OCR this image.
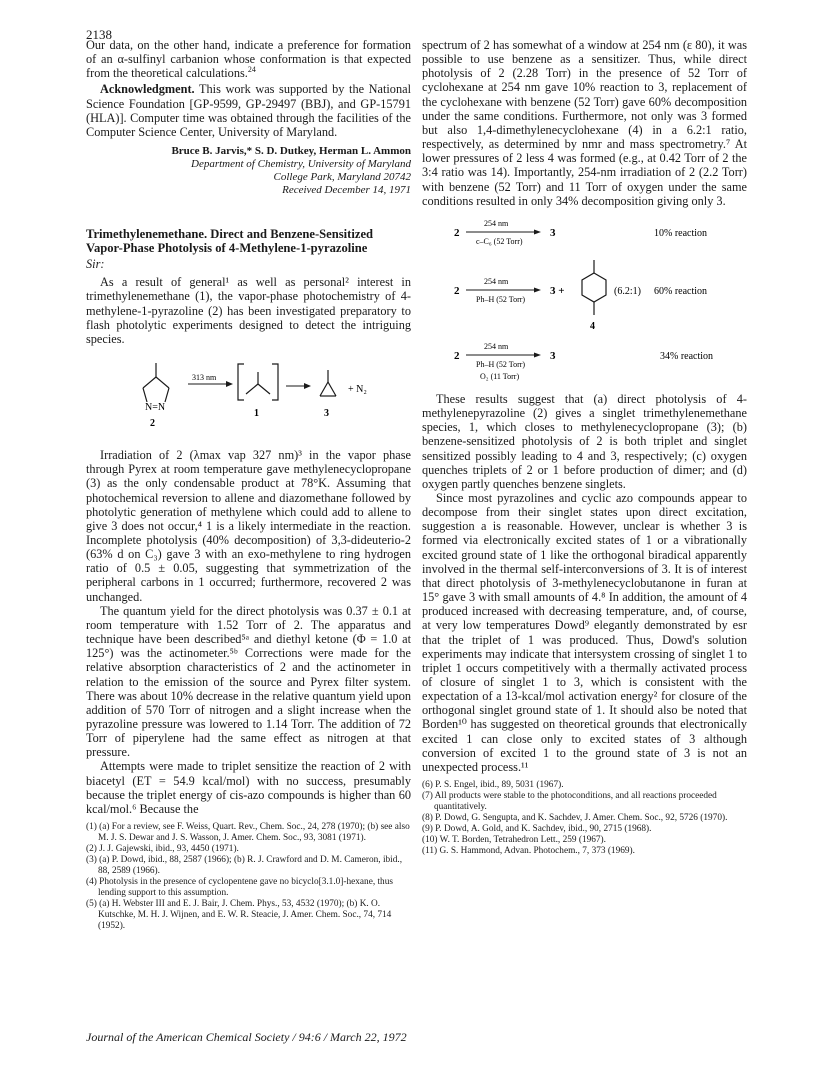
2138

Our data, on the other hand, indicate a preference for formation of an α-sulfinyl carbanion whose conformation is that expected from the theoretical calculations.$^{24}$

Acknowledgment. This work was supported by the National Science Foundation [GP-9599, GP-29497 (BBJ), and GP-15791 (HLA)]. Computer time was obtained through the facilities of the Computer Science Center, University of Maryland.

Bruce B. Jarvis,* S. D. Dutkey, Herman L. Ammon
Department of Chemistry, University of Maryland
College Park, Maryland 20742
Received December 14, 1971
Trimethylenemethane. Direct and Benzene-Sensitized
Vapor-Phase Photolysis of 4-Methylene-1-pyrazoline
Sir:

As a result of general¹ as well as personal² interest in trimethylenemethane (1), the vapor-phase photochemistry of 4-methylene-1-pyrazoline (2) has been investigated preparatory to flash photolytic experiments designed to detect the intriguing species.

N=N
2
313 nm
1	3
+ N₂

Irradiation of 2 (λmax vap 327 nm)³ in the vapor phase through Pyrex at room temperature gave methylenecyclopropane (3) as the only condensable product at 78°K. Assuming that photochemical reversion to allene and diazomethane followed by photolytic generation of methylene which could add to allene to give 3 does not occur,⁴ 1 is a likely intermediate in the reaction. Incomplete photolysis (40% decomposition) of 3,3-dideuterio-2 (63% d on C₃) gave 3 with an exo-methylene to ring hydrogen ratio of 0.5 ± 0.05, suggesting that symmetrization of the peripheral carbons in 1 occurred; furthermore, recovered 2 was unchanged.

The quantum yield for the direct photolysis was 0.37 ± 0.1 at room temperature with 1.52 Torr of 2. The apparatus and technique have been described⁵ᵃ and diethyl ketone (Φ = 1.0 at 125°) was the actinometer.⁵ᵇ Corrections were made for the relative absorption characteristics of 2 and the actinometer in relation to the emission of the source and Pyrex filter system. There was about 10% decrease in the relative quantum yield upon addition of 570 Torr of nitrogen and a slight increase when the pyrazoline pressure was lowered to 1.14 Torr. The addition of 72 Torr of piperylene had the same effect as nitrogen at that pressure.

Attempts were made to triplet sensitize the reaction of 2 with biacetyl (ET = 54.9 kcal/mol) with no success, presumably because the triplet energy of cis-azo compounds is higher than 60 kcal/mol.⁶ Because the

(1) (a) For a review, see F. Weiss, Quart. Rev., Chem. Soc., 24, 278 (1970); (b) see also M. J. S. Dewar and J. S. Wasson, J. Amer. Chem. Soc., 93, 3081 (1971).
(2) J. J. Gajewski, ibid., 93, 4450 (1971).
(3) (a) P. Dowd, ibid., 88, 2587 (1966); (b) R. J. Crawford and D. M. Cameron, ibid., 88, 2589 (1966).
(4) Photolysis in the presence of cyclopentene gave no bicyclo[3.1.0]-hexane, thus lending support to this assumption.
(5) (a) H. Webster III and E. J. Bair, J. Chem. Phys., 53, 4532 (1970); (b) K. O. Kutschke, M. H. J. Wijnen, and E. W. R. Steacie, J. Amer. Chem. Soc., 74, 714 (1952).

spectrum of 2 has somewhat of a window at 254 nm (ε 80), it was possible to use benzene as a sensitizer. Thus, while direct photolysis of 2 (2.28 Torr) in the presence of 52 Torr of cyclohexane at 254 nm gave 10% reaction to 3, replacement of the cyclohexane with benzene (52 Torr) gave 60% decomposition under the same conditions. Furthermore, not only was 3 formed but also 1,4-dimethylenecyclohexane (4) in a 6.2:1 ratio, respectively, as determined by nmr and mass spectrometry.⁷ At lower pressures of 2 less 4 was formed (e.g., at 0.42 Torr of 2 the 3:4 ratio was 14). Importantly, 254-nm irradiation of 2 (2.2 Torr) with benzene (52 Torr) and 11 Torr of oxygen under the same conditions resulted in only 34% decomposition giving only 3.

2
254 nm
c–C₆ (52 Torr)
3	10% reaction
2
254 nm
Ph–H (52 Torr)
3 +
4
(6.2:1) 60% reaction
2
254 nm
Ph–H (52 Torr)
O₂ (11 Torr)
3	34% reaction

These results suggest that (a) direct photolysis of 4-methylenepyrazoline (2) gives a singlet trimethylenemethane species, 1, which closes to methylenecyclopropane (3); (b) benzene-sensitized photolysis of 2 is both triplet and singlet sensitized possibly leading to 4 and 3, respectively; (c) oxygen quenches triplets of 2 or 1 before production of dimer; and (d) oxygen partly quenches benzene singlets.

Since most pyrazolines and cyclic azo compounds appear to decompose from their singlet states upon direct excitation, suggestion a is reasonable. However, unclear is whether 3 is formed via electronically excited states of 1 or a vibrationally excited ground state of 1 like the orthogonal biradical apparently involved in the thermal self-interconversions of 3. It is of interest that direct photolysis of 3-methylenecyclobutanone in furan at 15° gave 3 with small amounts of 4.⁸ In addition, the amount of 4 produced increased with decreasing temperature, and, of course, at very low temperatures Dowd⁹ elegantly demonstrated by esr that the triplet of 1 was produced. Thus, Dowd's solution experiments may indicate that intersystem crossing of singlet 1 to triplet 1 occurs competitively with a thermally activated process of closure of singlet 1 to 3, which is consistent with the expectation of a 13-kcal/mol activation energy² for closure of the orthogonal singlet ground state of 1. It should also be noted that Borden¹⁰ has suggested on theoretical grounds that electronically excited 1 can close only to excited states of 3 although conversion of excited 1 to the ground state of 3 is not an unexpected process.¹¹

(6) P. S. Engel, ibid., 89, 5031 (1967).
(7) All products were stable to the photoconditions, and all reactions proceeded quantitatively.
(8) P. Dowd, G. Sengupta, and K. Sachdev, J. Amer. Chem. Soc., 92, 5726 (1970).
(9) P. Dowd, A. Gold, and K. Sachdev, ibid., 90, 2715 (1968).
(10) W. T. Borden, Tetrahedron Lett., 259 (1967).
(11) G. S. Hammond, Advan. Photochem., 7, 373 (1969).
Journal of the American Chemical Society / 94:6 / March 22, 1972
